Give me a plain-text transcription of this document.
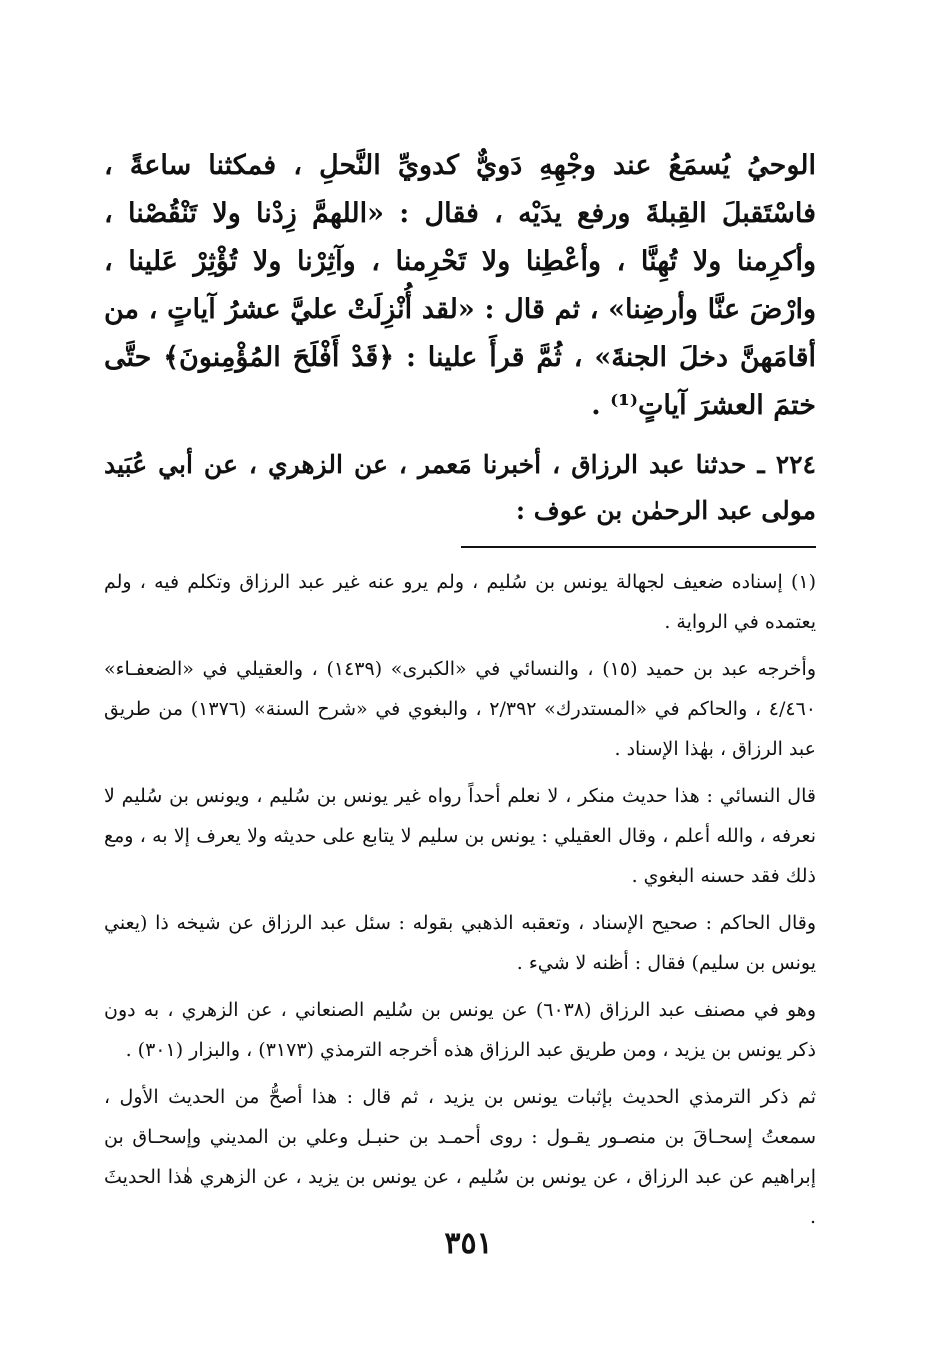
الوحيُ يُسمَعُ عند وجْهِهِ دَويٌّ كدويِّ النَّحلِ ، فمكثنا ساعةً ، فاسْتَقبلَ القِبلةَ ورفع يدَيْه ، فقال : «اللهمَّ زِدْنا ولا تَنْقُصْنا ، وأكرِمنا ولا تُهِنَّا ، وأعْطِنا ولا تَحْرِمنا ، وآثِرْنا ولا تُؤْثِرْ عَلينا ، وارْضَ عنَّا وأرضِنا» ، ثم قال : «لقد أُنْزِلَتْ عليَّ عشرُ آياتٍ ، من أقامَهنَّ دخلَ الجنةَ» ، ثُمَّ قرأَ علينا : ﴿قَدْ أَفْلَحَ المُؤْمِنونَ﴾ حتَّى ختمَ العشرَ آياتٍ⁽¹⁾ .

٢٢٤ ـ حدثنا عبد الرزاق ، أخبرنا مَعمر ، عن الزهري ، عن أبي عُبَيد مولى عبد الرحمٰن بن عوف :

(١) إسناده ضعيف لجهالة يونس بن سُليم ، ولم يرو عنه غير عبد الرزاق وتكلم فيه ، ولم يعتمده في الرواية .

وأخرجه عبد بن حميد (١٥) ، والنسائي في «الكبرى» (١٤٣٩) ، والعقيلي في «الضعفـاء» ٤/٤٦٠ ، والحاكم في «المستدرك» ٢/٣٩٢ ، والبغوي في «شرح السنة» (١٣٧٦) من طريق عبد الرزاق ، بهٰذا الإسناد .

قال النسائي : هذا حديث منكر ، لا نعلم أحداً رواه غير يونس بن سُليم ، ويونس بن سُليم لا نعرفه ، والله أعلم ، وقال العقيلي : يونس بن سليم لا يتابع على حديثه ولا يعرف إلا به ، ومع ذلك فقد حسنه البغوي .

وقال الحاكم : صحيح الإسناد ، وتعقبه الذهبي بقوله : سئل عبد الرزاق عن شيخه ذا (يعني يونس بن سليم) فقال : أظنه لا شيء .

وهو في مصنف عبد الرزاق (٦٠٣٨) عن يونس بن سُليم الصنعاني ، عن الزهري ، به دون ذكر يونس بن يزيد ، ومن طريق عبد الرزاق هذه أخرجه الترمذي (٣١٧٣) ، والبزار (٣٠١) .

ثم ذكر الترمذي الحديث بإثبات يونس بن يزيد ، ثم قال : هذا أصحُّ من الحديث الأول ، سمعتُ إسحـاقَ بن منصـور يقـول : روى أحمـد بن حنبـل وعلي بن المديني وإسحـاق بن إبراهيم عن عبد الرزاق ، عن يونس بن سُليم ، عن يونس بن يزيد ، عن الزهري هٰذا الحديثَ .

٣٥١
